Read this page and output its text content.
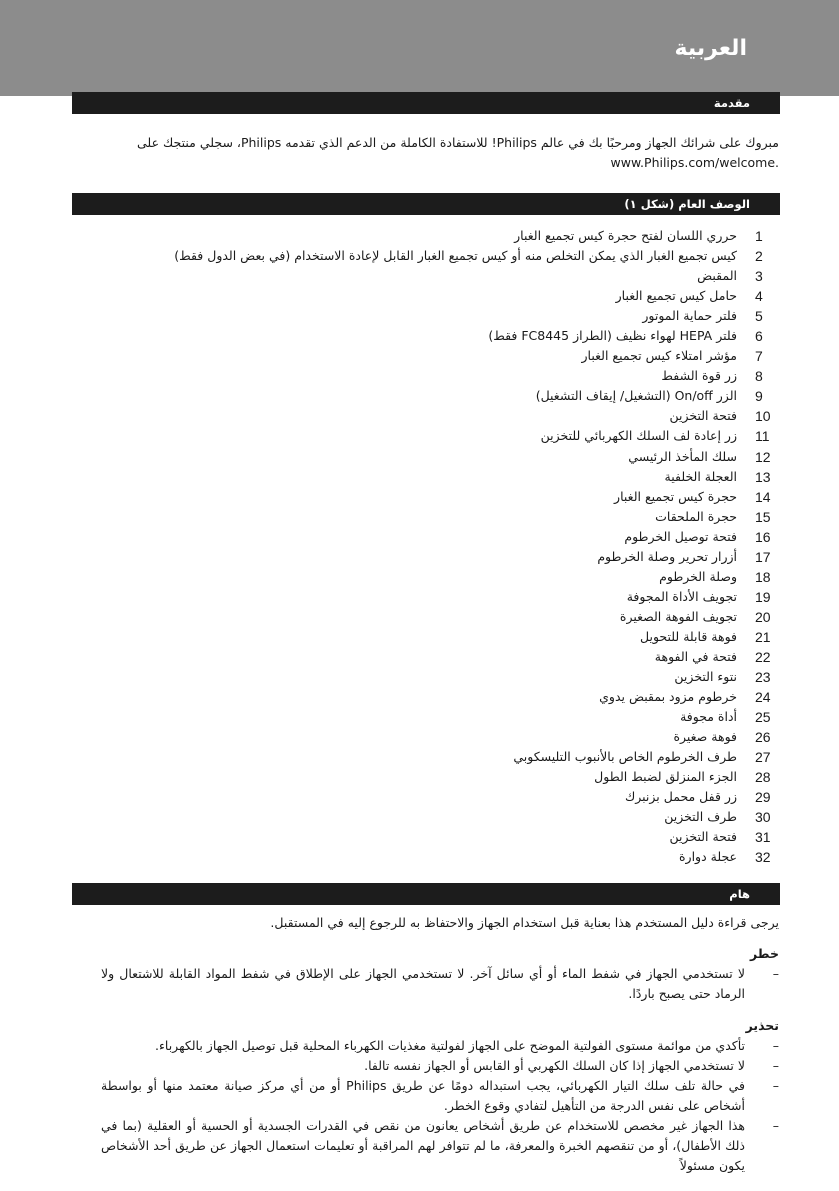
العربية
مقدمة
مبروك على شرائك الجهاز ومرحبًا بك في عالم Philips! للاستفادة الكاملة من الدعم الذي تقدمه Philips، سجلي منتجك على
.www.Philips.com/welcome
الوصف العام (شكل ١)
1
حرري اللسان لفتح حجرة كيس تجميع الغبار
2
كيس تجميع الغبار الذي يمكن التخلص منه أو كيس تجميع الغبار القابل لإعادة الاستخدام (في بعض الدول فقط)
3
المقبض
4
حامل كيس تجميع الغبار
5
فلتر حماية الموتور
6
فلتر HEPA لهواء نظيف (الطراز FC8445 فقط)
7
مؤشر امتلاء كيس تجميع الغبار
8
زر قوة الشفط
9
الزر On/off (التشغيل/ إيقاف التشغيل)
10
فتحة التخزين
11
زر إعادة لف السلك الكهربائي للتخزين
12
سلك المأخذ الرئيسي
13
العجلة الخلفية
14
حجرة كيس تجميع الغبار
15
حجرة الملحقات
16
فتحة توصيل الخرطوم
17
أزرار تحرير وصلة الخرطوم
18
وصلة الخرطوم
19
تجويف الأداة المجوفة
20
تجويف الفوهة الصغيرة
21
فوهة قابلة للتحويل
22
فتحة في الفوهة
23
نتوء التخزين
24
خرطوم مزود بمقبض يدوي
25
أداة مجوفة
26
فوهة صغيرة
27
طرف الخرطوم الخاص بالأنبوب التليسكوبي
28
الجزء المنزلق لضبط الطول
29
زر قفل محمل بزنبرك
30
طرف التخزين
31
فتحة التخزين
32
عجلة دوارة
هام
يرجى قراءة دليل المستخدم هذا بعناية قبل استخدام الجهاز والاحتفاظ به للرجوع إليه في المستقبل.
خطر
–
لا تستخدمي الجهاز في شفط الماء أو أي سائل آخر. لا تستخدمي الجهاز على الإطلاق في شفط المواد القابلة للاشتعال ولا الرماد حتى يصبح باردًا.
تحذير
–
تأكدي من موائمة مستوى الفولتية الموضح على الجهاز لفولتية مغذيات الكهرباء المحلية قبل توصيل الجهاز بالكهرباء.
–
لا تستخدمي الجهاز إذا كان السلك الكهربي أو القابس أو الجهاز نفسه تالفا.
–
في حالة تلف سلك التيار الكهربائي، يجب استبداله دومًا عن طريق Philips أو من أي مركز صيانة معتمد منها أو بواسطة أشخاص على نفس الدرجة من التأهيل لتفادي وقوع الخطر.
–
هذا الجهاز غير مخصص للاستخدام عن طريق أشخاص يعانون من نقص في القدرات الجسدية أو الحسية أو العقلية (بما في ذلك الأطفال)، أو من تنقصهم الخبرة والمعرفة، ما لم تتوافر لهم المراقبة أو تعليمات استعمال الجهاز عن طريق أحد الأشخاص يكون مسئولاً
